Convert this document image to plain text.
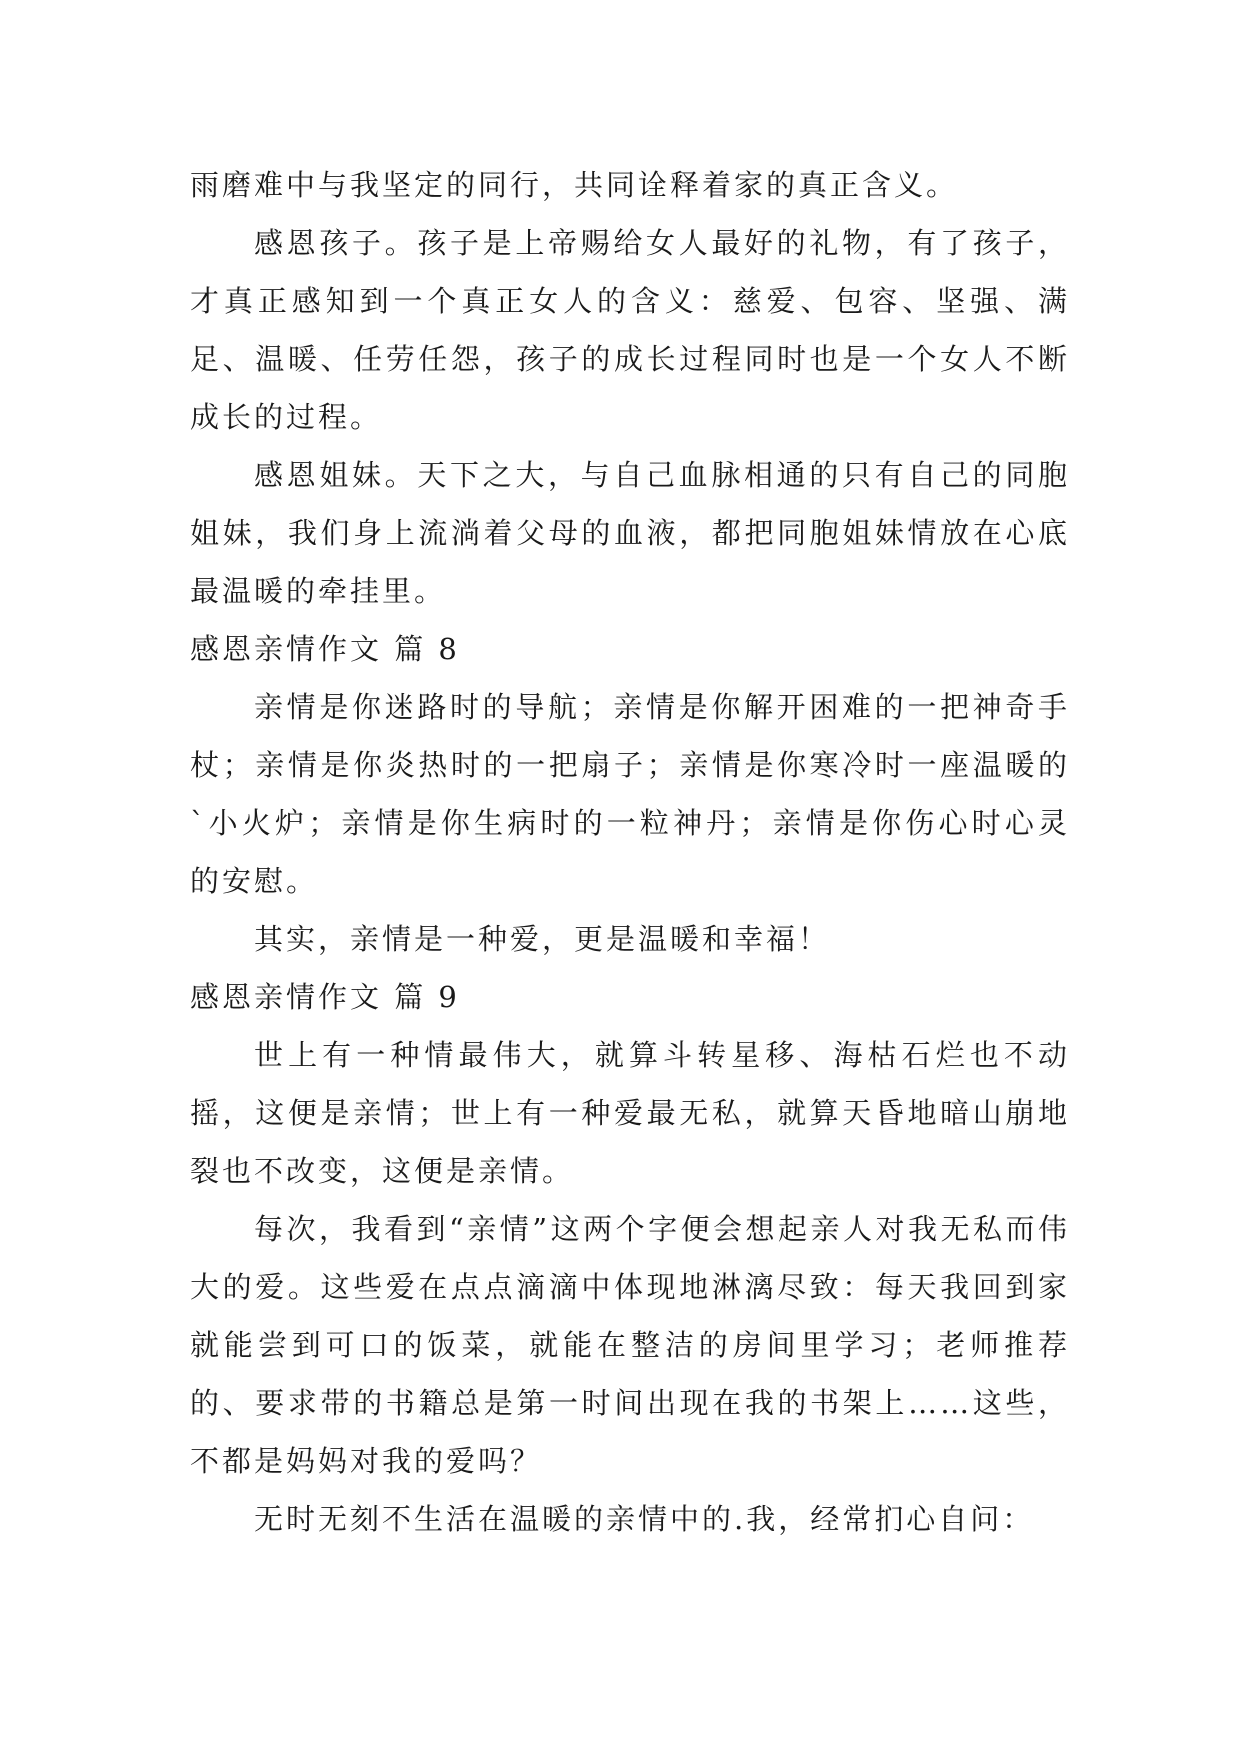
雨磨难中与我坚定的同行，共同诠释着家的真正含义。

感恩孩子。孩子是上帝赐给女人最好的礼物，有了孩子，才真正感知到一个真正女人的含义：慈爱、包容、坚强、满足、温暖、任劳任怨，孩子的成长过程同时也是一个女人不断成长的过程。

感恩姐妹。天下之大，与自己血脉相通的只有自己的同胞姐妹，我们身上流淌着父母的血液，都把同胞姐妹情放在心底最温暖的牵挂里。

感恩亲情作文 篇 8

亲情是你迷路时的导航；亲情是你解开困难的一把神奇手杖；亲情是你炎热时的一把扇子；亲情是你寒冷时一座温暖的`小火炉；亲情是你生病时的一粒神丹；亲情是你伤心时心灵的安慰。

其实，亲情是一种爱，更是温暖和幸福！

感恩亲情作文 篇 9

世上有一种情最伟大，就算斗转星移、海枯石烂也不动摇，这便是亲情；世上有一种爱最无私，就算天昏地暗山崩地裂也不改变，这便是亲情。

每次，我看到“亲情”这两个字便会想起亲人对我无私而伟大的爱。这些爱在点点滴滴中体现地淋漓尽致：每天我回到家就能尝到可口的饭菜，就能在整洁的房间里学习；老师推荐的、要求带的书籍总是第一时间出现在我的书架上……这些，不都是妈妈对我的爱吗？

无时无刻不生活在温暖的亲情中的.我，经常扪心自问：
